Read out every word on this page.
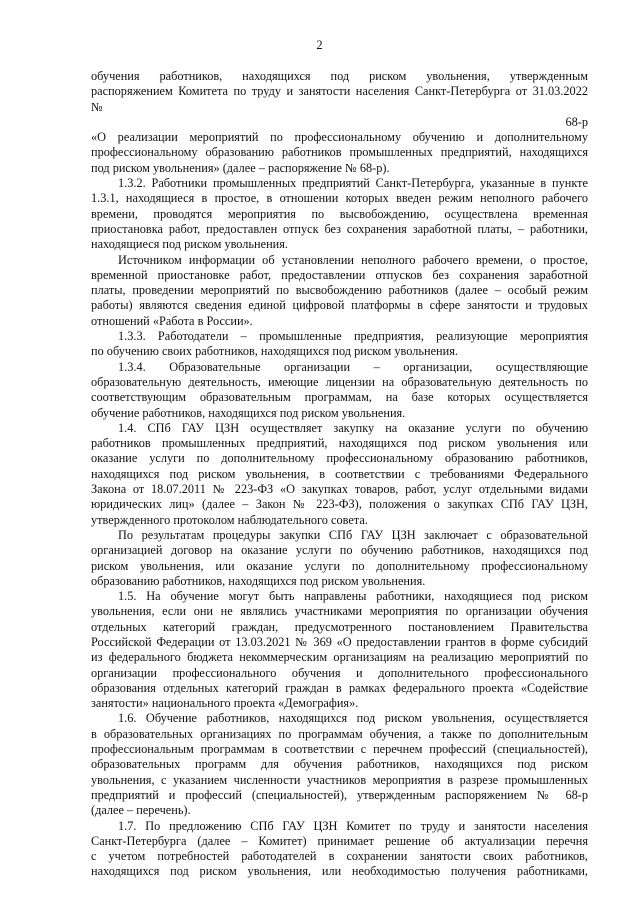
2
обучения работников, находящихся под риском увольнения, утвержденным
распоряжением Комитета по труду и занятости населения Санкт-Петербурга от 31.03.2022
№
68-р
«О реализации мероприятий по профессиональному обучению и дополнительному
профессиональному образованию работников промышленных предприятий, находящихся
под риском увольнения» (далее – распоряжение № 68-р).
1.3.2. Работники промышленных предприятий Санкт-Петербурга, указанные в пункте
1.3.1, находящиеся в простое, в отношении которых введен режим неполного рабочего
времени, проводятся мероприятия по высвобождению, осуществлена временная
приостановка работ, предоставлен отпуск без сохранения заработной платы, – работники,
находящиеся под риском увольнения.
Источником информации об установлении неполного рабочего времени, о простое,
временной приостановке работ, предоставлении отпусков без сохранения заработной
платы, проведении мероприятий по высвобождению работников (далее – особый режим
работы) являются сведения единой цифровой платформы в сфере занятости и трудовых
отношений «Работа в России».
1.3.3. Работодатели – промышленные предприятия, реализующие мероприятия
по обучению своих работников, находящихся под риском увольнения.
1.3.4. Образовательные организации – организации, осуществляющие
образовательную деятельность, имеющие лицензии на образовательную деятельность по
соответствующим образовательным программам, на базе которых осуществляется
обучение работников, находящихся под риском увольнения.
1.4. СПб ГАУ ЦЗН осуществляет закупку на оказание услуги по обучению
работников промышленных предприятий, находящихся под риском увольнения или
оказание услуги по дополнительному профессиональному образованию работников,
находящихся под риском увольнения, в соответствии с требованиями Федерального
Закона от 18.07.2011 № 223-ФЗ «О закупках товаров, работ, услуг отдельными видами
юридических лиц» (далее – Закон № 223-ФЗ), положения о закупках СПб ГАУ ЦЗН,
утвержденного протоколом наблюдательного совета.
По результатам процедуры закупки СПб ГАУ ЦЗН заключает с образовательной
организацией договор на оказание услуги по обучению работников, находящихся под
риском увольнения, или оказание услуги по дополнительному профессиональному
образованию работников, находящихся под риском увольнения.
1.5. На обучение могут быть направлены работники, находящиеся под риском
увольнения, если они не являлись участниками мероприятия по организации обучения
отдельных категорий граждан, предусмотренного постановлением Правительства
Российской Федерации от 13.03.2021 № 369 «О предоставлении грантов в форме субсидий
из федерального бюджета некоммерческим организациям на реализацию мероприятий по
организации профессионального обучения и дополнительного профессионального
образования отдельных категорий граждан в рамках федерального проекта «Содействие
занятости» национального проекта «Демография».
1.6. Обучение работников, находящихся под риском увольнения, осуществляется
в образовательных организациях по программам обучения, а также по дополнительным
профессиональным программам в соответствии с перечнем профессий (специальностей),
образовательных программ для обучения работников, находящихся под риском
увольнения, с указанием численности участников мероприятия в разрезе промышленных
предприятий и профессий (специальностей), утвержденным распоряжением № 68-р
(далее – перечень).
1.7. По предложению СПб ГАУ ЦЗН Комитет по труду и занятости населения
Санкт-Петербурга (далее – Комитет) принимает решение об актуализации перечня
с учетом потребностей работодателей в сохранении занятости своих работников,
находящихся под риском увольнения, или необходимостью получения работниками,
